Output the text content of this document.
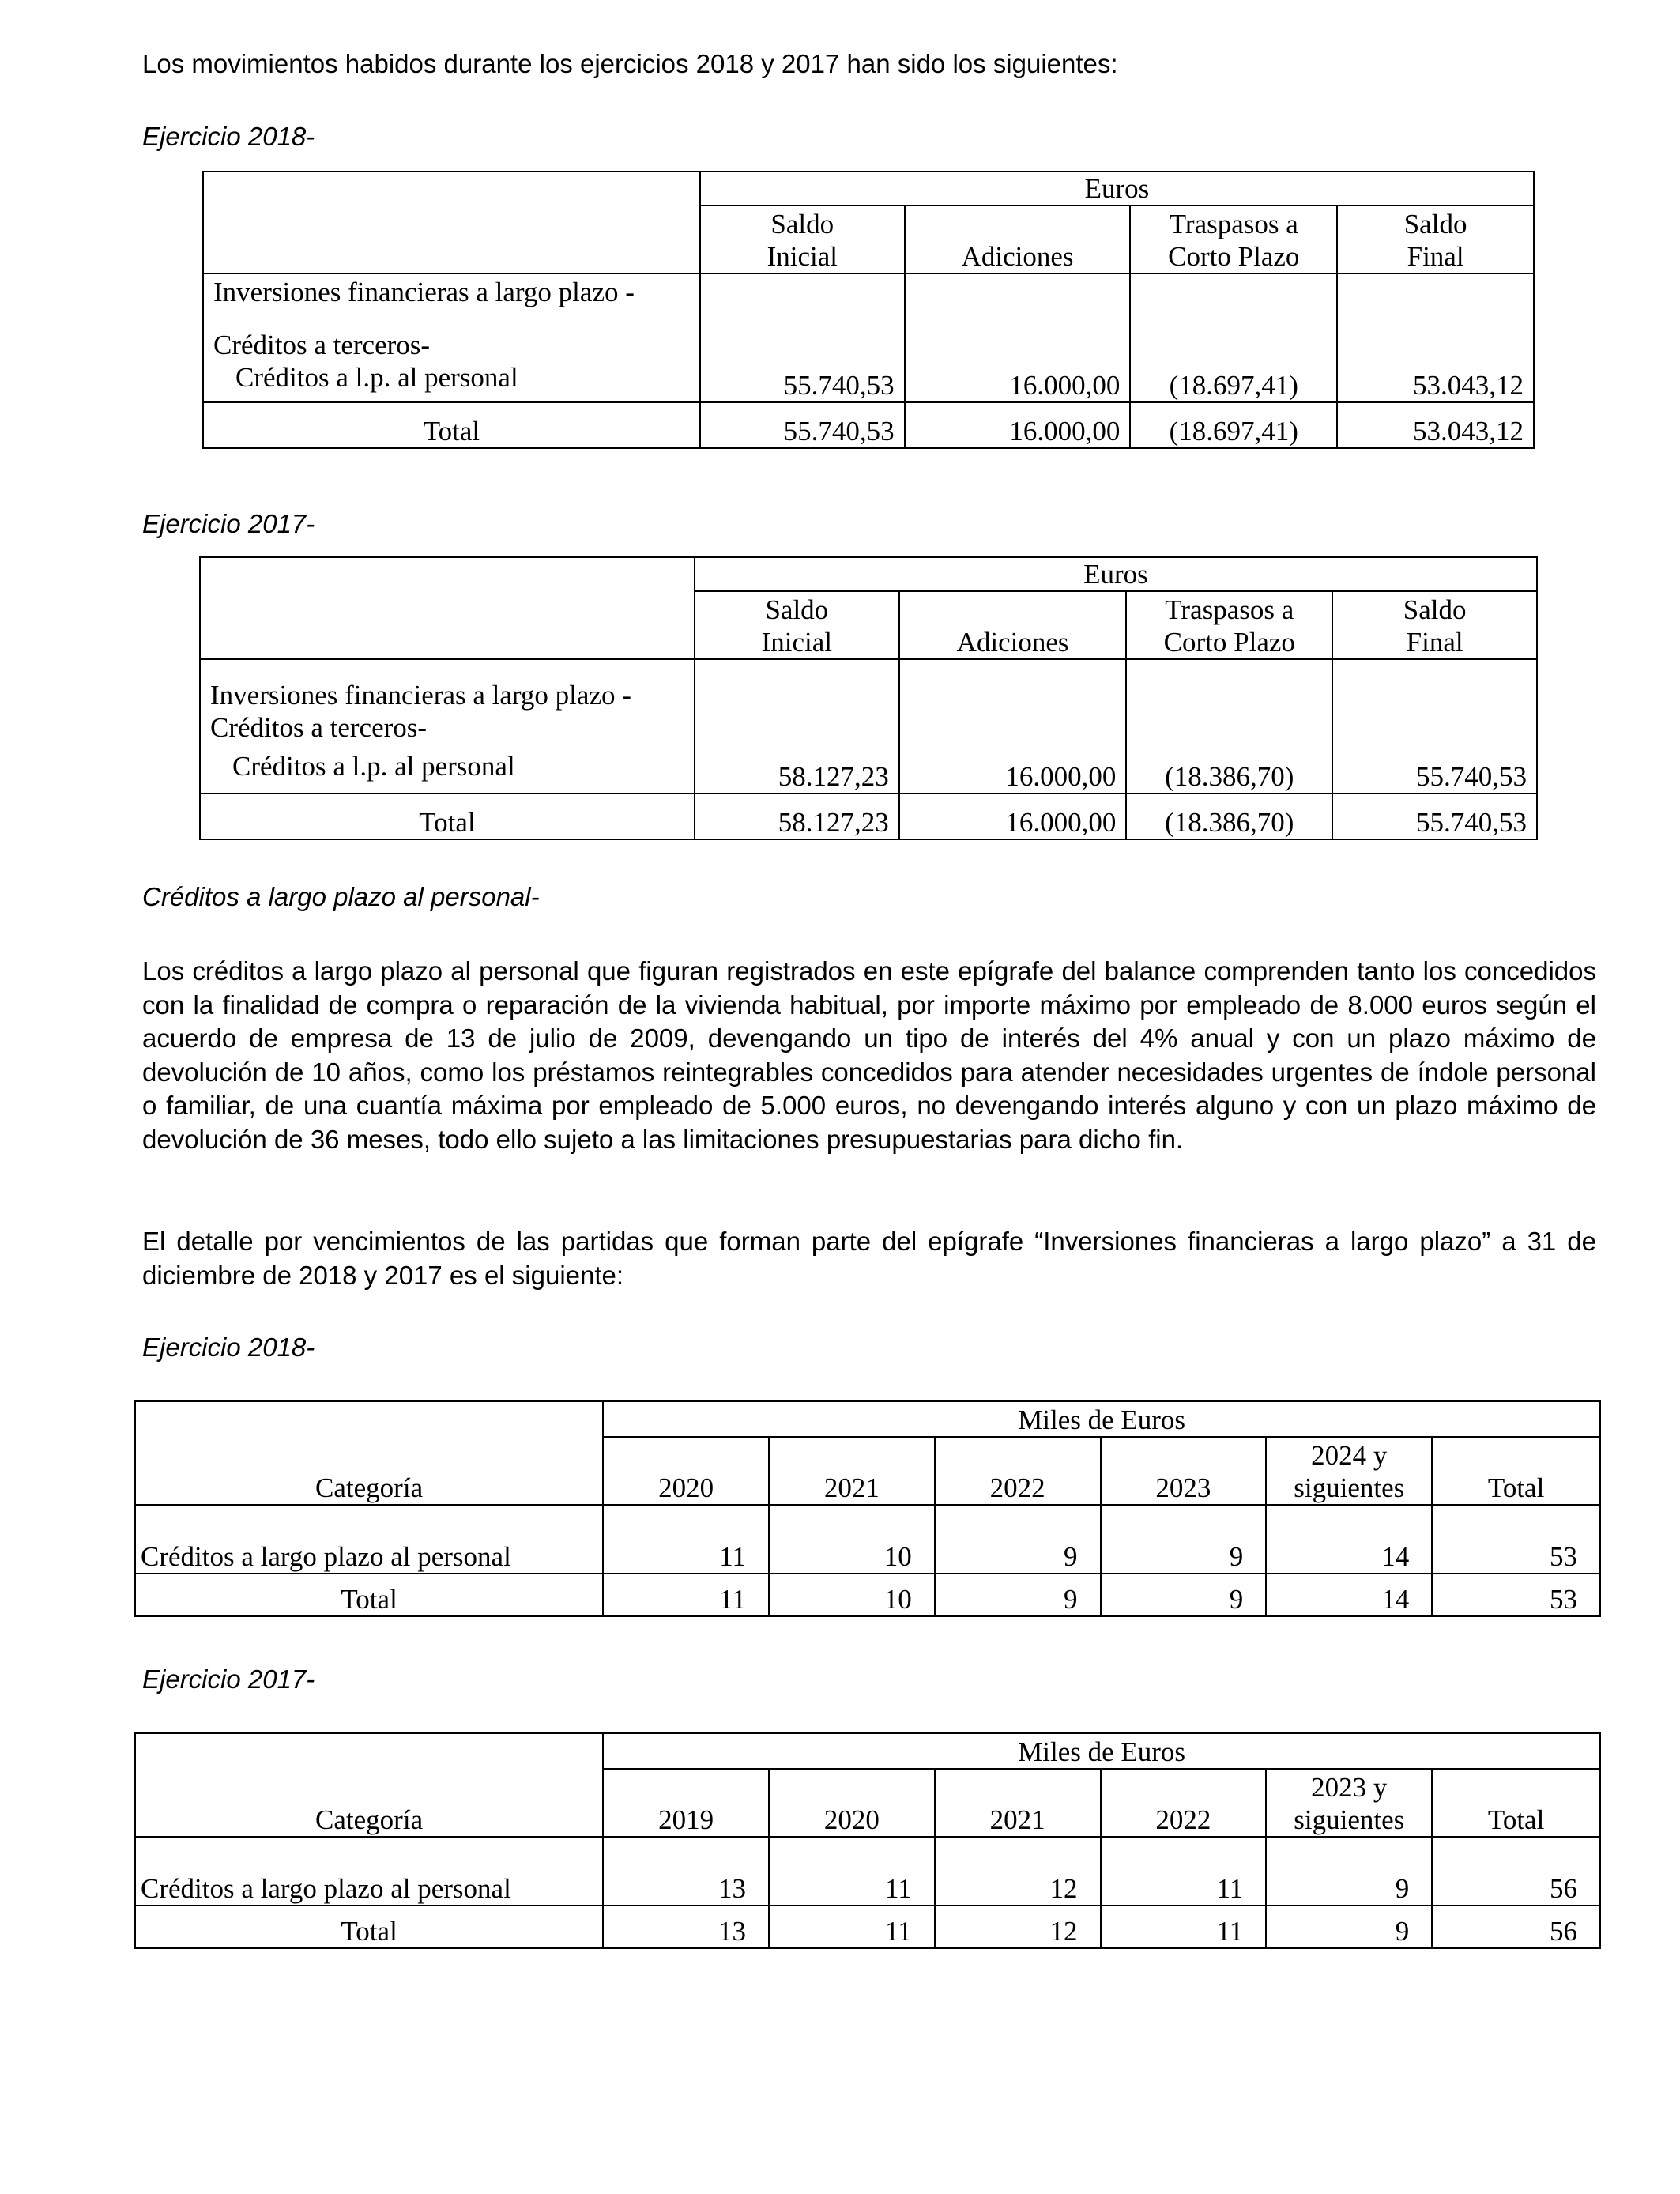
Los movimientos habidos durante los ejercicios 2018 y 2017 han sido los siguientes:
Ejercicio 2018-
	Euros			

	Saldo
Inicial	Adiciones	Traspasos a
Corto Plazo	Saldo
Final

Inversiones financieras a largo plazo -
Créditos a terceros-
Créditos a l.p. al personal	55.740,53	16.000,00	(18.697,41)	53.043,12
Total	55.740,53	16.000,00	(18.697,41)	53.043,12
Ejercicio 2017-
	Euros			

	Saldo
Inicial	Adiciones	Traspasos a
Corto Plazo	Saldo
Final

Inversiones financieras a largo plazo -
Créditos a terceros-
Créditos a l.p. al personal	58.127,23	16.000,00	(18.386,70)	55.740,53
Total	58.127,23	16.000,00	(18.386,70)	55.740,53
Créditos a largo plazo al personal-

Los créditos a largo plazo al personal que figuran registrados en este epígrafe del balance comprenden tanto los concedidos con la finalidad de compra o reparación de la vivienda habitual, por importe máximo por empleado de 8.000 euros según el acuerdo de empresa de 13 de julio de 2009, devengando un tipo de interés del 4% anual y con un plazo máximo de devolución de 10 años, como los préstamos reintegrables concedidos para atender necesidades urgentes de índole personal o familiar, de una cuantía máxima por empleado de 5.000 euros, no devengando interés alguno y con un plazo máximo de devolución de 36 meses, todo ello sujeto a las limitaciones presupuestarias para dicho fin.

El detalle por vencimientos de las partidas que forman parte del epígrafe “Inversiones financieras a largo plazo” a 31 de diciembre de 2018 y 2017 es el siguiente:

Ejercicio 2018-
	Miles de Euros					
Categoría	2020	2021	2022	2023	2024 y
siguientes	Total
Créditos a largo plazo al personal	11	10	9	9	14	53
Total	11	10	9	9	14	53
Ejercicio 2017-
	Miles de Euros					
Categoría	2019	2020	2021	2022	2023 y
siguientes	Total
Créditos a largo plazo al personal	13	11	12	11	9	56
Total	13	11	12	11	9	56
